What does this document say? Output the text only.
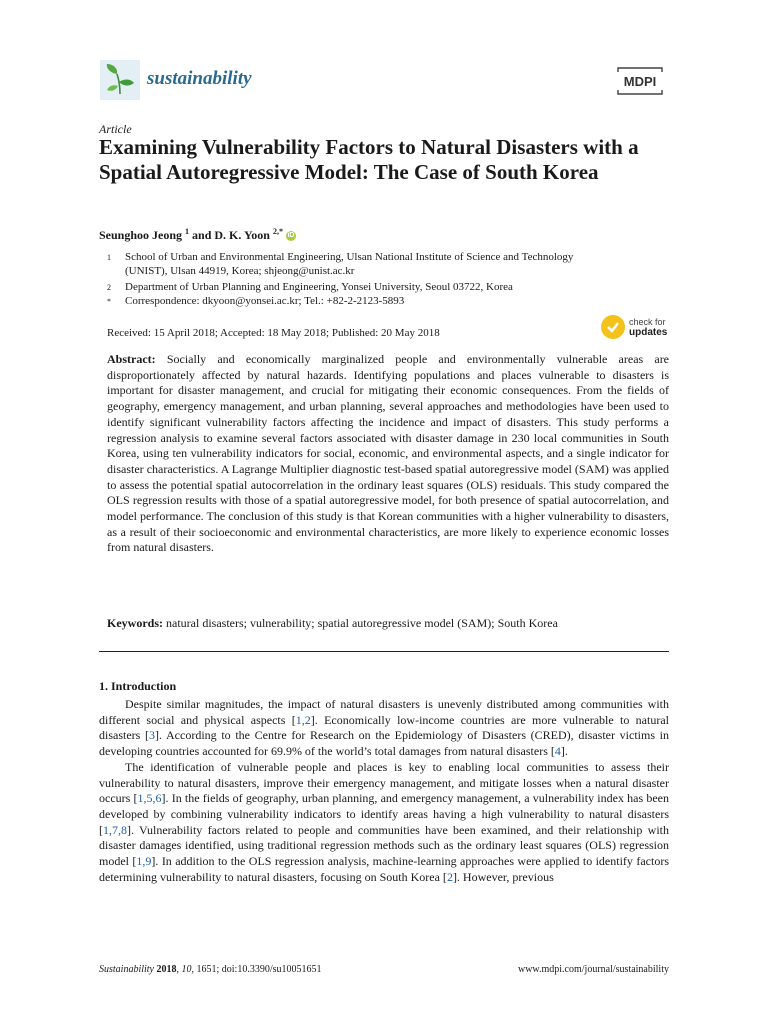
sustainability	MDPI
Article
Examining Vulnerability Factors to Natural Disasters with a Spatial Autoregressive Model: The Case of South Korea
Seunghoo Jeong $^1$ and D. K. Yoon $^{2,*}$ iD
1 School of Urban and Environmental Engineering, Ulsan National Institute of Science and Technology (UNIST), Ulsan 44919, Korea; shjeong@unist.ac.kr
2 Department of Urban Planning and Engineering, Yonsei University, Seoul 03722, Korea
* Correspondence: dkyoon@yonsei.ac.kr; Tel.: +82-2-2123-5893
Received: 15 April 2018; Accepted: 18 May 2018; Published: 20 May 2018
check for
updates
Abstract: Socially and economically marginalized people and environmentally vulnerable areas are disproportionately affected by natural hazards. Identifying populations and places vulnerable to disasters is important for disaster management, and crucial for mitigating their economic consequences. From the fields of geography, emergency management, and urban planning, several approaches and methodologies have been used to identify significant vulnerability factors affecting the incidence and impact of disasters. This study performs a regression analysis to examine several factors associated with disaster damage in 230 local communities in South Korea, using ten vulnerability indicators for social, economic, and environmental aspects, and a single indicator for disaster characteristics. A Lagrange Multiplier diagnostic test-based spatial autoregressive model (SAM) was applied to assess the potential spatial autocorrelation in the ordinary least squares (OLS) residuals. This study compared the OLS regression results with those of a spatial autoregressive model, for both presence of spatial autocorrelation, and model performance. The conclusion of this study is that Korean communities with a higher vulnerability to disasters, as a result of their socioeconomic and environmental characteristics, are more likely to experience economic losses from natural disasters.
Keywords: natural disasters; vulnerability; spatial autoregressive model (SAM); South Korea
1. Introduction

Despite similar magnitudes, the impact of natural disasters is unevenly distributed among communities with different social and physical aspects [1,2]. Economically low-income countries are more vulnerable to natural disasters [3]. According to the Centre for Research on the Epidemiology of Disasters (CRED), disaster victims in developing countries accounted for 69.9% of the world’s total damages from natural disasters [4].

The identification of vulnerable people and places is key to enabling local communities to assess their vulnerability to natural disasters, improve their emergency management, and mitigate losses when a natural disaster occurs [1,5,6]. In the fields of geography, urban planning, and emergency management, a vulnerability index has been developed by combining vulnerability indicators to identify areas having a high vulnerability to natural disasters [1,7,8]. Vulnerability factors related to people and communities have been examined, and their relationship with disaster damages identified, using traditional regression methods such as the ordinary least squares (OLS) regression model [1,9]. In addition to the OLS regression analysis, machine-learning approaches were applied to identify factors determining vulnerability to natural disasters, focusing on South Korea [2]. However, previous

Sustainability 2018, 10, 1651; doi:10.3390/su10051651	www.mdpi.com/journal/sustainability
